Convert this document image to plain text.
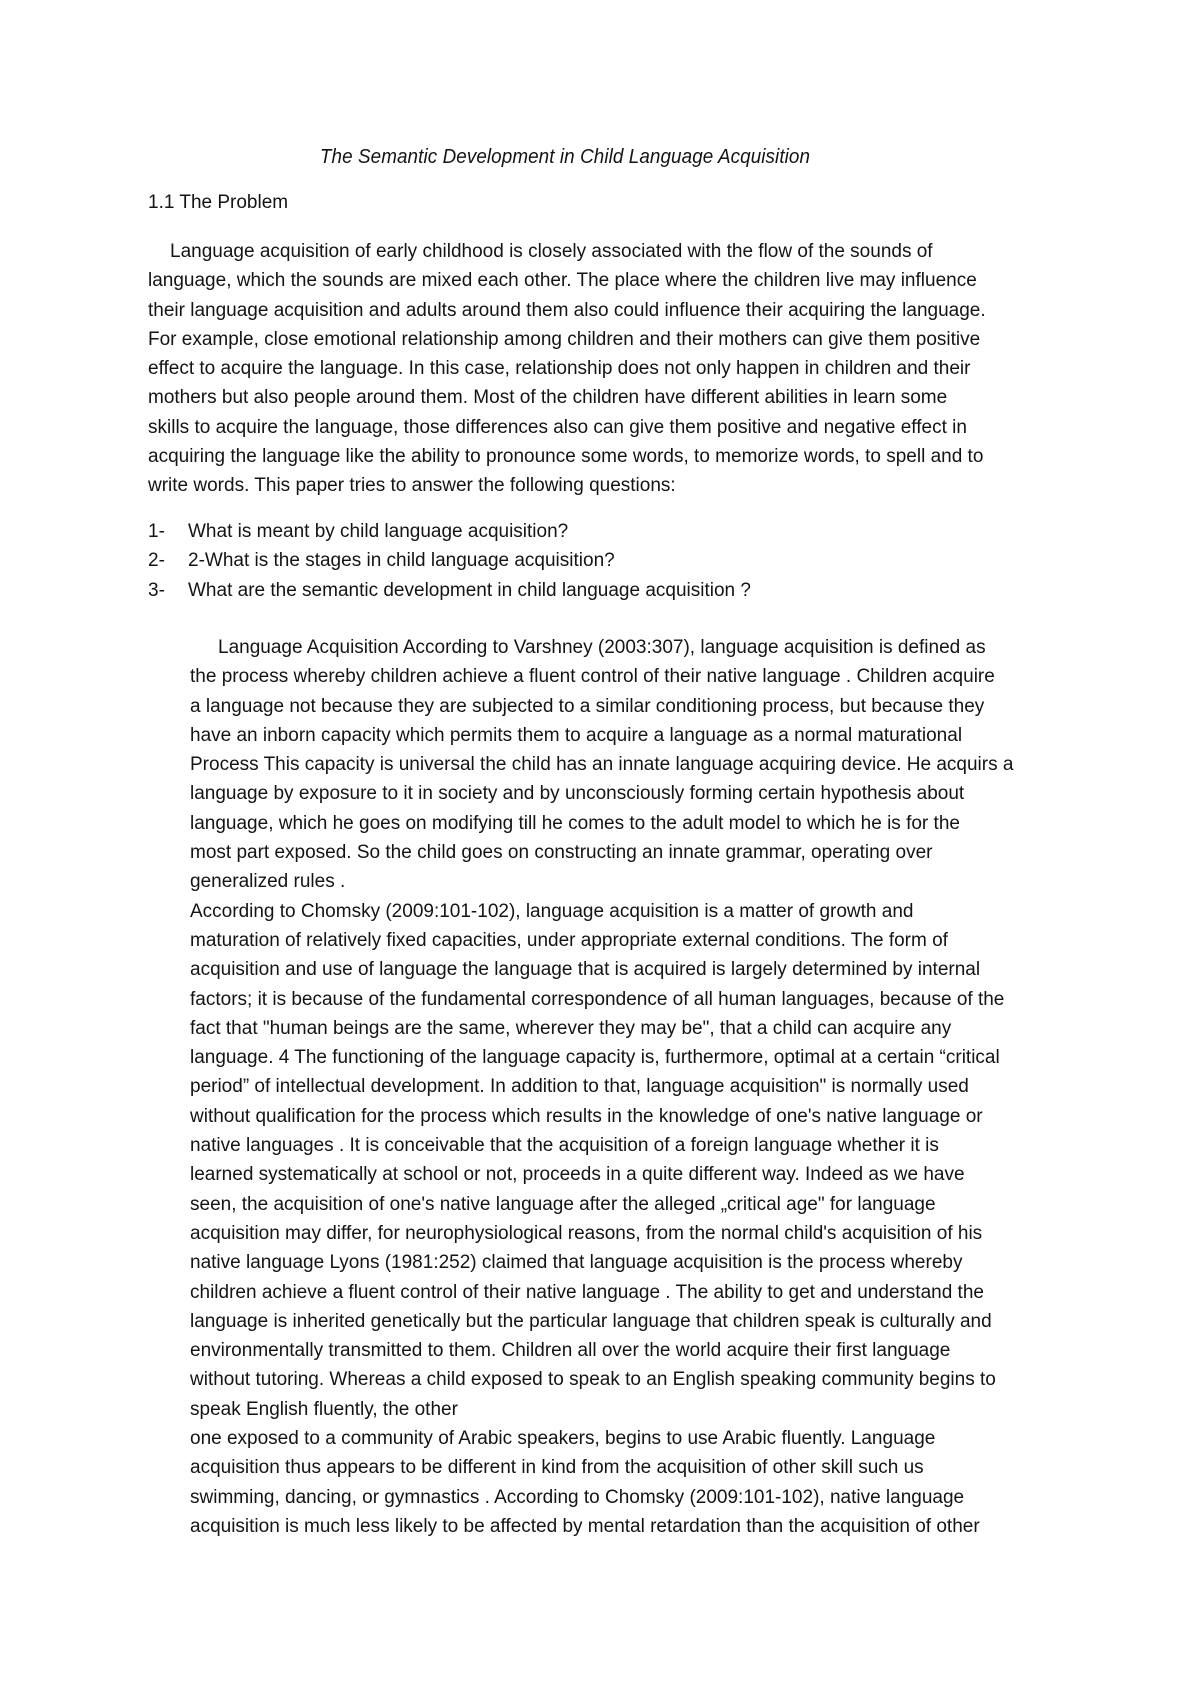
The Semantic Development in Child Language Acquisition
1.1 The Problem
Language acquisition of early childhood is closely associated with the flow of the sounds of
language, which the sounds are mixed each other. The place where the children live may influence
their language acquisition and adults around them also could influence their acquiring the language.
For example, close emotional relationship among children and their mothers can give them positive
effect to acquire the language. In this case, relationship does not only happen in children and their
mothers but also people around them. Most of the children have different abilities in learn some
skills to acquire the language, those differences also can give them positive and negative effect in
acquiring the language like the ability to pronounce some words, to memorize words, to spell and to
write words. This paper tries to answer the following questions:
1- What is meant by child language acquisition?
2- 2-What is the stages in child language acquisition?
3- What are the semantic development in child language acquisition ?
Language Acquisition According to Varshney (2003:307), language acquisition is defined as
the process whereby children achieve a fluent control of their native language . Children acquire
a language not because they are subjected to a similar conditioning process, but because they
have an inborn capacity which permits them to acquire a language as a normal maturational
Process This capacity is universal the child has an innate language acquiring device. He acquirs a
language by exposure to it in society and by unconsciously forming certain hypothesis about
language, which he goes on modifying till he comes to the adult model to which he is for the
most part exposed. So the child goes on constructing an innate grammar, operating over
generalized rules .
According to Chomsky (2009:101-102), language acquisition is a matter of growth and
maturation of relatively fixed capacities, under appropriate external conditions. The form of
acquisition and use of language the language that is acquired is largely determined by internal
factors; it is because of the fundamental correspondence of all human languages, because of the
fact that "human beings are the same, wherever they may be", that a child can acquire any
language. 4 The functioning of the language capacity is, furthermore, optimal at a certain “critical
period” of intellectual development. In addition to that, language acquisition" is normally used
without qualification for the process which results in the knowledge of one's native language or
native languages . It is conceivable that the acquisition of a foreign language whether it is
learned systematically at school or not, proceeds in a quite different way. Indeed as we have
seen, the acquisition of one's native language after the alleged „critical age" for language
acquisition may differ, for neurophysiological reasons, from the normal child's acquisition of his
native language Lyons (1981:252) claimed that language acquisition is the process whereby
children achieve a fluent control of their native language . The ability to get and understand the
language is inherited genetically but the particular language that children speak is culturally and
environmentally transmitted to them. Children all over the world acquire their first language
without tutoring. Whereas a child exposed to speak to an English speaking community begins to
speak English fluently, the other
one exposed to a community of Arabic speakers, begins to use Arabic fluently. Language
acquisition thus appears to be different in kind from the acquisition of other skill such us
swimming, dancing, or gymnastics . According to Chomsky (2009:101-102), native language
acquisition is much less likely to be affected by mental retardation than the acquisition of other
